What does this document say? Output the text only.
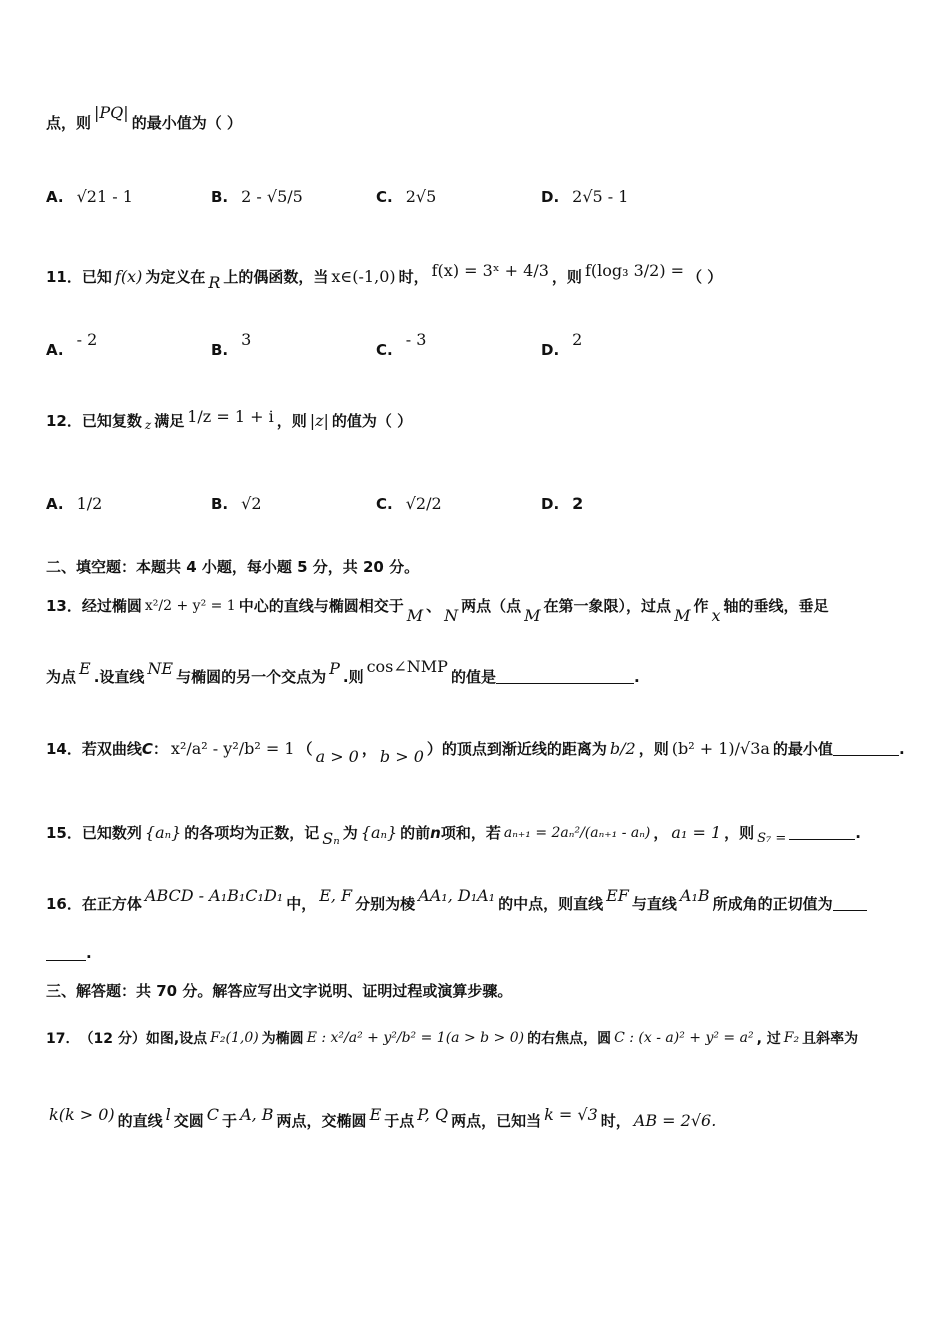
点，则
|PQ|
的最小值为（ ）
A. √21 - 1	B. 2 - √5/5	C. 2√5	D. 2√5 - 1
11． 已知 f(x) 为定义在 R 上的偶函数，当 x∈(-1,0) 时， f(x) = 3ˣ + 4/3 ，则 f(log₃ 3/2) = （ ）
A.
- 2
B.
3
C.
- 3
D.
2
12． 已知复数 z 满足 1/z = 1 + i ，则 |z| 的值为（ ）
A. 1/2	B. √2	C. √2/2	D. 2
二、填空题：本题共 4 小题，每小题 5 分，共 20 分。
13． 经过椭圆 x²/2 + y² = 1 中心的直线与椭圆相交于 M 、 N 两点（点 M 在第一象限），过点 M 作 x 轴的垂线，垂足
为点 E .设直线 NE 与椭圆的另一个交点为 P .则
cos∠NMP
的值是	.
14． 若双曲线 C ： x²/a² - y²/b² = 1 （ a > 0 ， b > 0 ）的顶点到渐近线的距离为 b/2 ，则 (b² + 1)/√3a 的最小值	.
15． 已知数列 {aₙ} 的各项均为正数，记 Sₙ 为 {aₙ} 的前 n 项和，若 aₙ₊₁ = 2aₙ²/(aₙ₊₁ - aₙ) ， a₁ = 1 ，则 S₇ =	.
16． 在正方体 ABCD - A₁B₁C₁D₁ 中， E, F 分别为棱 AA₁, D₁A₁ 的中点，则直线 EF 与直线 A₁B 所成角的正切值为
.
三、解答题：共 70 分。解答应写出文字说明、证明过程或演算步骤。
17． （12 分） 如图,设点 F₂(1,0) 为椭圆 E : x²/a² + y²/b² = 1(a > b > 0) 的右焦点，圆 C : (x - a)² + y² = a² , 过 F₂ 且斜率为
k(k > 0) 的直线 l 交圆 C 于 A, B 两点，交椭圆 E 于点 P, Q 两点，已知当 k = √3 时， AB = 2√6.
